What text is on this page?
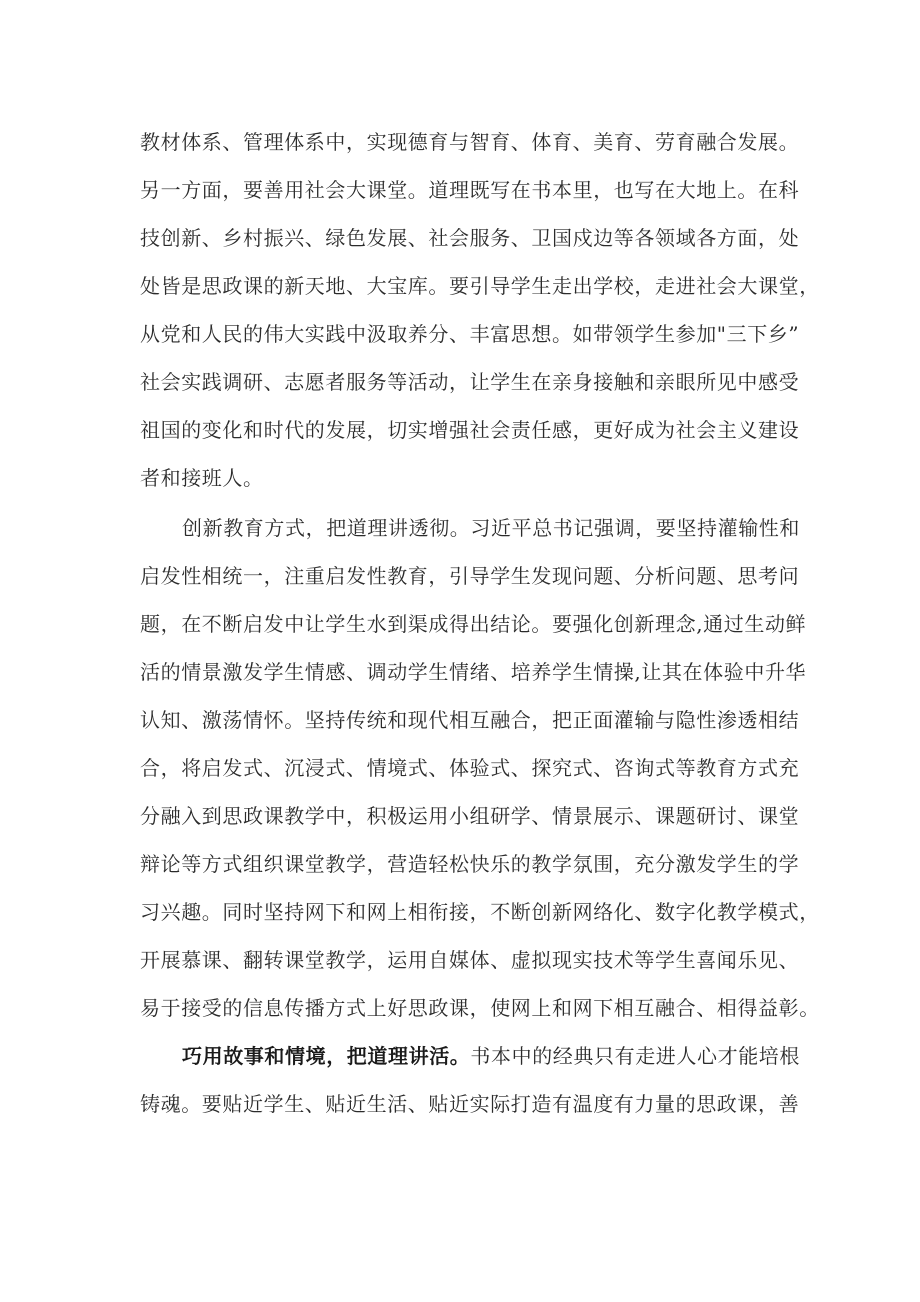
教材体系、管理体系中，实现德育与智育、体育、美育、劳育融合发展。
另一方面，要善用社会大课堂。道理既写在书本里，也写在大地上。在科
技创新、乡村振兴、绿色发展、社会服务、卫国戍边等各领域各方面，处
处皆是思政课的新天地、大宝库。要引导学生走出学校，走进社会大课堂，
从党和人民的伟大实践中汲取养分、丰富思想。如带领学生参加"三下乡”
社会实践调研、志愿者服务等活动，让学生在亲身接触和亲眼所见中感受
祖国的变化和时代的发展，切实增强社会责任感，更好成为社会主义建设
者和接班人。
创新教育方式，把道理讲透彻。习近平总书记强调，要坚持灌输性和
启发性相统一，注重启发性教育，引导学生发现问题、分析问题、思考问
题，在不断启发中让学生水到渠成得出结论。要强化创新理念,通过生动鲜
活的情景激发学生情感、调动学生情绪、培养学生情操,让其在体验中升华
认知、激荡情怀。坚持传统和现代相互融合，把正面灌输与隐性渗透相结
合，将启发式、沉浸式、情境式、体验式、探究式、咨询式等教育方式充
分融入到思政课教学中，积极运用小组研学、情景展示、课题研讨、课堂
辩论等方式组织课堂教学，营造轻松快乐的教学氛围，充分激发学生的学
习兴趣。同时坚持网下和网上相衔接，不断创新网络化、数字化教学模式，
开展慕课、翻转课堂教学，运用自媒体、虚拟现实技术等学生喜闻乐见、
易于接受的信息传播方式上好思政课，使网上和网下相互融合、相得益彰。
巧用故事和情境，把道理讲活。书本中的经典只有走进人心才能培根
铸魂。要贴近学生、贴近生活、贴近实际打造有温度有力量的思政课，善
